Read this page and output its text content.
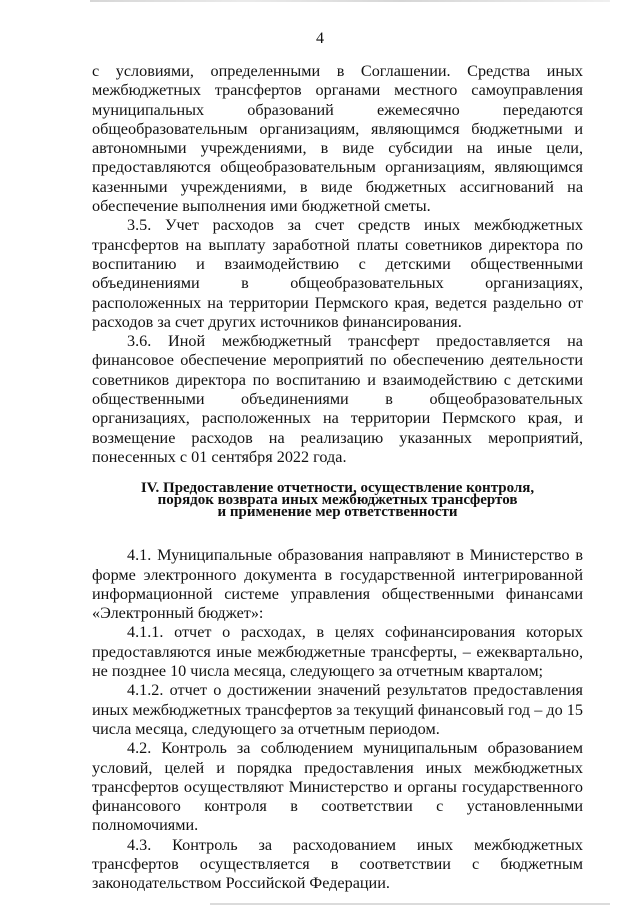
4

с условиями, определенными в Соглашении. Средства иных межбюджетных трансфертов органами местного самоуправления муниципальных образований ежемесячно передаются общеобразовательным организациям, являющимся бюджетными и автономными учреждениями, в виде субсидии на иные цели, предоставляются общеобразовательным организациям, являющимся казенными учреждениями, в виде бюджетных ассигнований на обеспечение выполнения ими бюджетной сметы.

3.5. Учет расходов за счет средств иных межбюджетных трансфертов на выплату заработной платы советников директора по воспитанию и взаимодействию с детскими общественными объединениями в общеобразовательных организациях, расположенных на территории Пермского края, ведется раздельно от расходов за счет других источников финансирования.

3.6. Иной межбюджетный трансферт предоставляется на финансовое обеспечение мероприятий по обеспечению деятельности советников директора по воспитанию и взаимодействию с детскими общественными объединениями в общеобразовательных организациях, расположенных на территории Пермского края, и возмещение расходов на реализацию указанных мероприятий, понесенных с 01 сентября 2022 года.

IV. Предоставление отчетности, осуществление контроля,
порядок возврата иных межбюджетных трансфертов
и применение мер ответственности

4.1. Муниципальные образования направляют в Министерство в форме электронного документа в государственной интегрированной информационной системе управления общественными финансами «Электронный бюджет»:

4.1.1. отчет о расходах, в целях софинансирования которых предоставляются иные межбюджетные трансферты, – ежеквартально, не позднее 10 числа месяца, следующего за отчетным кварталом;

4.1.2. отчет о достижении значений результатов предоставления иных межбюджетных трансфертов за текущий финансовый год – до 15 числа месяца, следующего за отчетным периодом.

4.2. Контроль за соблюдением муниципальным образованием условий, целей и порядка предоставления иных межбюджетных трансфертов осуществляют Министерство и органы государственного финансового контроля в соответствии с установленными полномочиями.

4.3. Контроль за расходованием иных межбюджетных трансфертов осуществляется в соответствии с бюджетным законодательством Российской Федерации.
